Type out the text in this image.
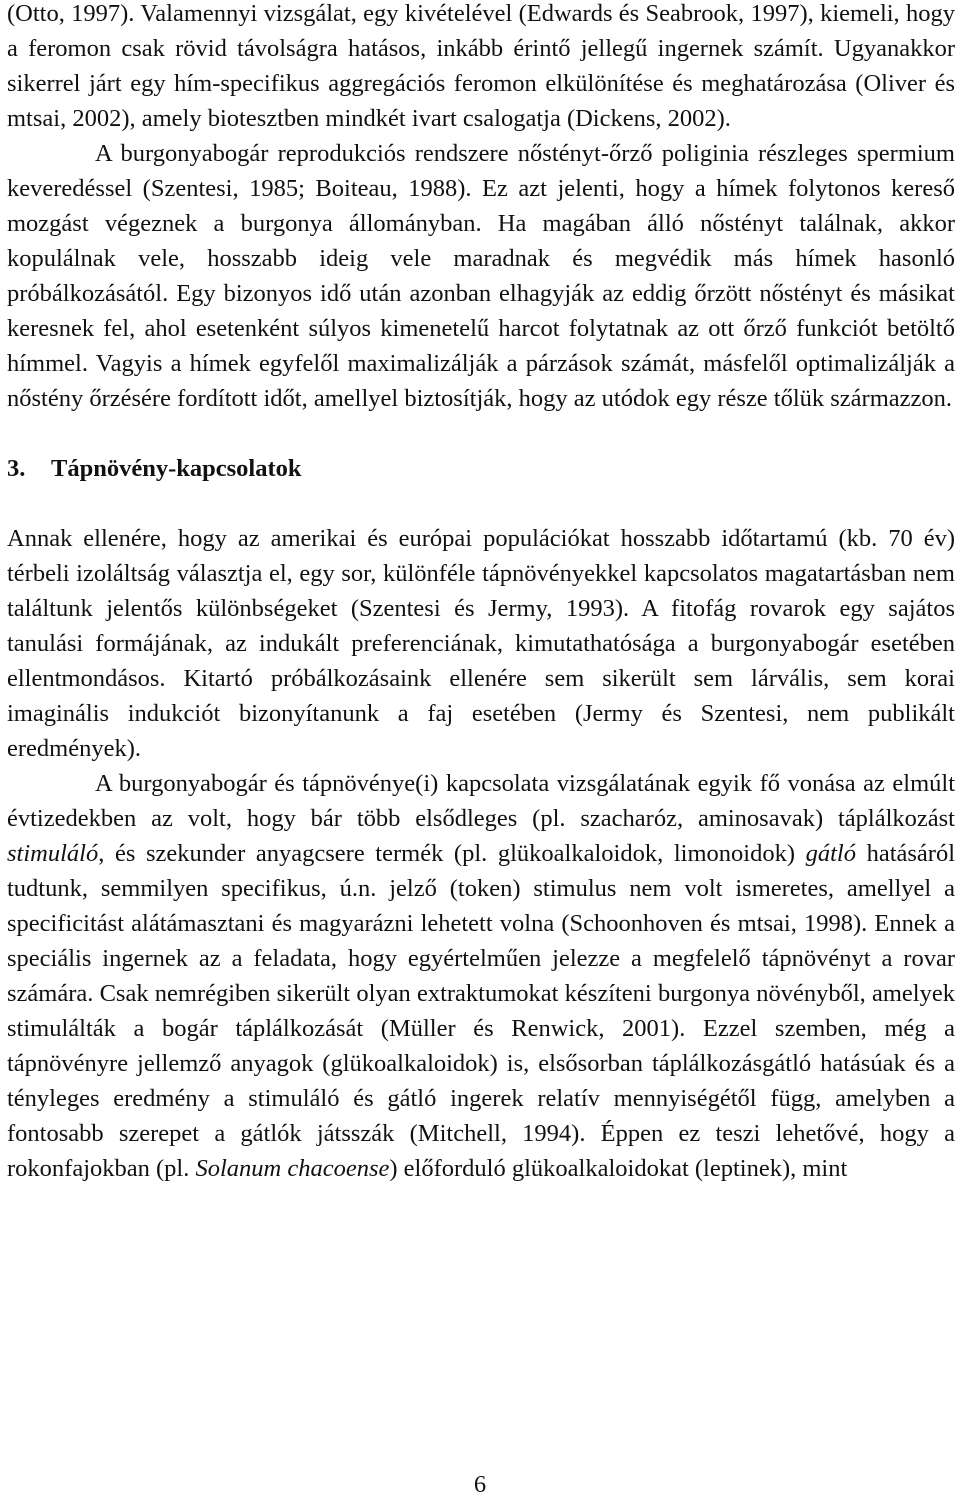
(Otto, 1997). Valamennyi vizsgálat, egy kivételével (Edwards és Seabrook, 1997), kiemeli, hogy a feromon csak rövid távolságra hatásos, inkább érintő jellegű ingernek számít. Ugyanakkor sikerrel járt egy hím-specifikus aggregációs feromon elkülönítése és meghatározása (Oliver és mtsai, 2002), amely biotesztben mindkét ivart csalogatja (Dickens, 2002).

A burgonyabogár reprodukciós rendszere nőstényt-őrző poliginia részleges spermium keveredéssel (Szentesi, 1985; Boiteau, 1988). Ez azt jelenti, hogy a hímek folytonos kereső mozgást végeznek a burgonya állományban. Ha magában álló nőstényt találnak, akkor kopulálnak vele, hosszabb ideig vele maradnak és megvédik más hímek hasonló próbálkozásától. Egy bizonyos idő után azonban elhagyják az eddig őrzött nőstényt és másikat keresnek fel, ahol esetenként súlyos kimenetelű harcot folytatnak az ott őrző funkciót betöltő hímmel. Vagyis a hímek egyfelől maximalizálják a párzások számát, másfelől optimalizálják a nőstény őrzésére fordított időt, amellyel biztosítják, hogy az utódok egy része tőlük származzon.

3. Tápnövény-kapcsolatok

Annak ellenére, hogy az amerikai és európai populációkat hosszabb időtartamú (kb. 70 év) térbeli izoláltság választja el, egy sor, különféle tápnövényekkel kapcsolatos magatartásban nem találtunk jelentős különbségeket (Szentesi és Jermy, 1993). A fitofág rovarok egy sajátos tanulási formájának, az indukált preferenciának, kimutathatósága a burgonyabogár esetében ellentmondásos. Kitartó próbálkozásaink ellenére sem sikerült sem lárvális, sem korai imaginális indukciót bizonyítanunk a faj esetében (Jermy és Szentesi, nem publikált eredmények).

A burgonyabogár és tápnövénye(i) kapcsolata vizsgálatának egyik fő vonása az elmúlt évtizedekben az volt, hogy bár több elsődleges (pl. szacharóz, aminosavak) táplálkozást stimuláló, és szekunder anyagcsere termék (pl. glükoalkaloidok, limonoidok) gátló hatásáról tudtunk, semmilyen specifikus, ú.n. jelző (token) stimulus nem volt ismeretes, amellyel a specificitást alátámasztani és magyarázni lehetett volna (Schoonhoven és mtsai, 1998). Ennek a speciális ingernek az a feladata, hogy egyértelműen jelezze a megfelelő tápnövényt a rovar számára. Csak nemrégiben sikerült olyan extraktumokat készíteni burgonya növényből, amelyek stimulálták a bogár táplálkozását (Müller és Renwick, 2001). Ezzel szemben, még a tápnövényre jellemző anyagok (glükoalkaloidok) is, elsősorban táplálkozásgátló hatásúak és a tényleges eredmény a stimuláló és gátló ingerek relatív mennyiségétől függ, amelyben a fontosabb szerepet a gátlók játsszák (Mitchell, 1994). Éppen ez teszi lehetővé, hogy a rokonfajokban (pl. Solanum chacoense) előforduló glükoalkaloidokat (leptinek), mint

6
